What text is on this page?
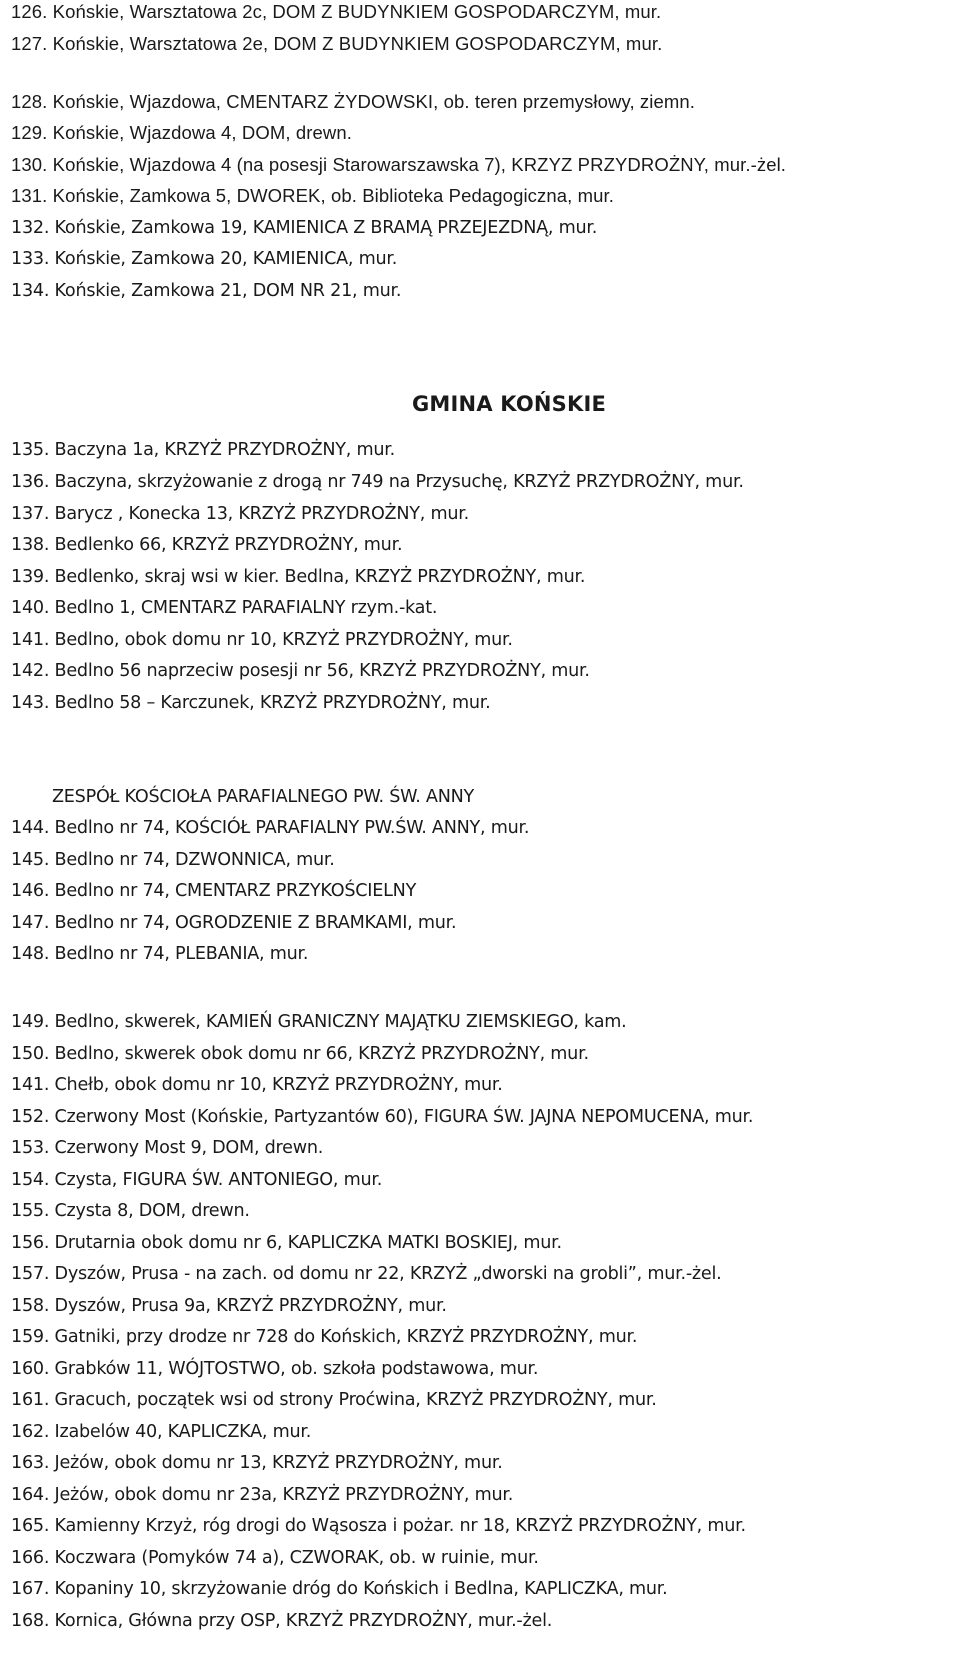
126. Końskie, Warsztatowa 2c, DOM Z BUDYNKIEM GOSPODARCZYM, mur.
127. Końskie, Warsztatowa 2e, DOM Z BUDYNKIEM GOSPODARCZYM, mur.
128. Końskie, Wjazdowa, CMENTARZ ŻYDOWSKI, ob. teren przemysłowy, ziemn.
129. Końskie, Wjazdowa 4, DOM, drewn.
130. Końskie, Wjazdowa 4 (na posesji Starowarszawska 7), KRZYZ PRZYDROŻNY, mur.-żel.
131. Końskie, Zamkowa 5, DWOREK, ob. Biblioteka Pedagogiczna, mur.
132. Końskie, Zamkowa 19, KAMIENICA Z BRAMĄ PRZEJEZDNĄ, mur.
133. Końskie, Zamkowa 20, KAMIENICA, mur.
134. Końskie, Zamkowa 21, DOM NR 21, mur.
GMINA KOŃSKIE
135. Baczyna 1a, KRZYŻ PRZYDROŻNY, mur.
136. Baczyna, skrzyżowanie z drogą nr 749 na Przysuchę, KRZYŻ PRZYDROŻNY, mur.
137. Barycz , Konecka 13, KRZYŻ PRZYDROŻNY, mur.
138. Bedlenko 66, KRZYŻ PRZYDROŻNY, mur.
139. Bedlenko, skraj wsi w kier. Bedlna, KRZYŻ PRZYDROŻNY, mur.
140. Bedlno 1, CMENTARZ PARAFIALNY rzym.-kat.
141. Bedlno, obok domu nr 10, KRZYŻ PRZYDROŻNY, mur.
142. Bedlno 56 naprzeciw posesji nr 56, KRZYŻ PRZYDROŻNY, mur.
143. Bedlno 58 – Karczunek, KRZYŻ PRZYDROŻNY, mur.
ZESPÓŁ KOŚCIOŁA PARAFIALNEGO PW. ŚW. ANNY
144. Bedlno nr 74, KOŚCIÓŁ PARAFIALNY PW.ŚW. ANNY, mur.
145. Bedlno nr 74, DZWONNICA, mur.
146. Bedlno nr 74, CMENTARZ PRZYKOŚCIELNY
147. Bedlno nr 74, OGRODZENIE Z BRAMKAMI, mur.
148. Bedlno nr 74, PLEBANIA, mur.
149. Bedlno, skwerek, KAMIEŃ GRANICZNY MAJĄTKU ZIEMSKIEGO, kam.
150. Bedlno, skwerek obok domu nr 66, KRZYŻ PRZYDROŻNY, mur.
141. Chełb, obok domu nr 10, KRZYŻ PRZYDROŻNY, mur.
152. Czerwony Most (Końskie, Partyzantów 60), FIGURA ŚW. JAJNA NEPOMUCENA, mur.
153. Czerwony Most 9, DOM, drewn.
154. Czysta, FIGURA ŚW. ANTONIEGO, mur.
155. Czysta 8, DOM, drewn.
156. Drutarnia obok domu nr 6, KAPLICZKA MATKI BOSKIEJ, mur.
157. Dyszów, Prusa - na zach. od domu nr 22, KRZYŻ „dworski na grobli”, mur.-żel.
158. Dyszów, Prusa 9a, KRZYŻ PRZYDROŻNY, mur.
159. Gatniki, przy drodze nr 728 do Końskich, KRZYŻ PRZYDROŻNY, mur.
160. Grabków 11, WÓJTOSTWO, ob. szkoła podstawowa, mur.
161. Gracuch, początek wsi od strony Proćwina, KRZYŻ PRZYDROŻNY, mur.
162. Izabelów 40, KAPLICZKA, mur.
163. Jeżów, obok domu nr 13, KRZYŻ PRZYDROŻNY, mur.
164. Jeżów, obok domu nr 23a, KRZYŻ PRZYDROŻNY, mur.
165. Kamienny Krzyż, róg drogi do Wąsosza i pożar. nr 18, KRZYŻ PRZYDROŻNY, mur.
166. Koczwara (Pomyków 74 a), CZWORAK, ob. w ruinie, mur.
167. Kopaniny 10, skrzyżowanie dróg do Końskich i Bedlna, KAPLICZKA, mur.
168. Kornica, Główna przy OSP, KRZYŻ PRZYDROŻNY, mur.-żel.
